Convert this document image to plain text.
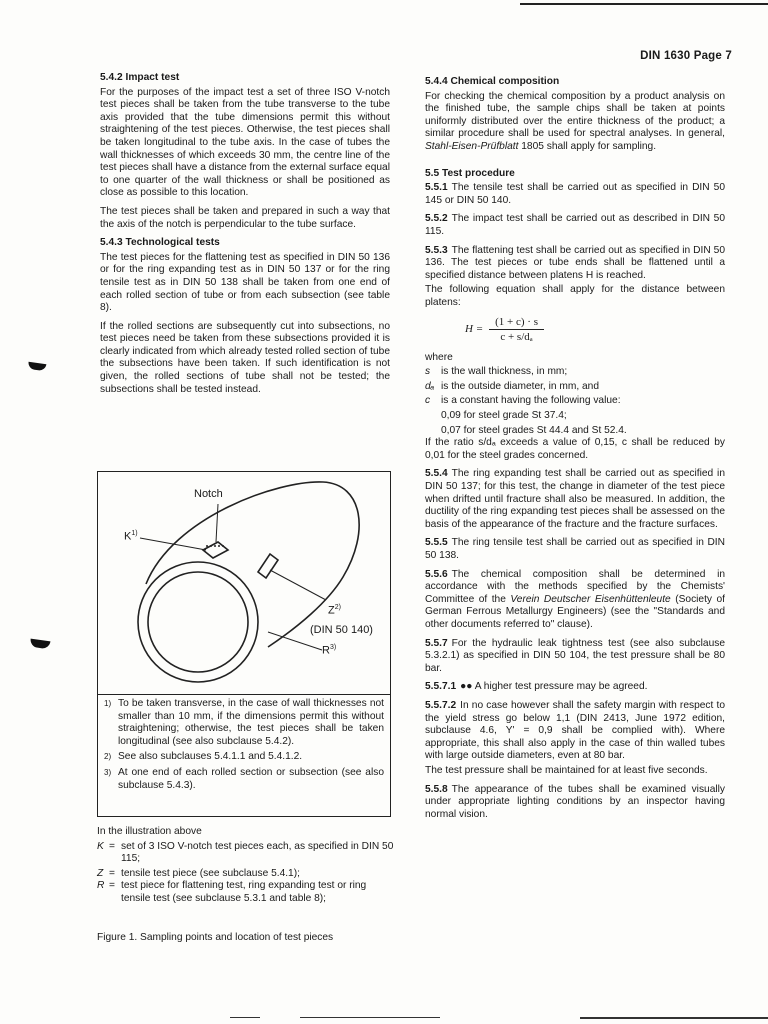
DIN 1630 Page 7
5.4.2 Impact test

For the purposes of the impact test a set of three ISO V-notch test pieces shall be taken from the tube transverse to the tube axis provided that the tube dimensions permit this without straightening of the test pieces. Otherwise, the test pieces shall be taken longitudinal to the tube axis. In the case of tubes the wall thicknesses of which exceeds 30 mm, the centre line of the test pieces shall have a distance from the external surface equal to one quarter of the wall thickness or shall be positioned as close as possible to this location.

The test pieces shall be taken and prepared in such a way that the axis of the notch is perpendicular to the tube surface.

5.4.3 Technological tests

The test pieces for the flattening test as specified in DIN 50 136 or for the ring expanding test as in DIN 50 137 or for the ring tensile test as in DIN 50 138 shall be taken from one end of each rolled section of tube or from each subsection (see table 8).

If the rolled sections are subsequently cut into subsections, no test pieces need be taken from these subsections provided it is clearly indicated from which already tested rolled section of tube the subsections have been taken. If such identification is not given, the rolled sections of tube shall not be tested; the subsections shall be tested instead.

Notch
$K^{1)}$
$Z^{2)}$
(DIN 50 140)
$R^{3)}$
1) To be taken transverse, in the case of wall thicknesses not smaller than 10 mm, if the dimensions permit this without straightening; otherwise, the test pieces shall be taken longitudinal (see also subclause 5.4.2).
2) See also subclauses 5.4.1.1 and 5.4.1.2.
3) At one end of each rolled section or subsection (see also subclause 5.4.3).
In the illustration above
K = set of 3 ISO V-notch test pieces each, as specified in DIN 50 115;
Z = tensile test piece (see subclause 5.4.1);
R = test piece for flattening test, ring expanding test or ring tensile test (see subclause 5.3.1 and table 8);
Figure 1. Sampling points and location of test pieces
5.4.4 Chemical composition

For checking the chemical composition by a product analysis on the finished tube, the sample chips shall be taken at points uniformly distributed over the entire thickness of the product; a similar procedure shall be used for spectral analyses. In general, Stahl-Eisen-Prüfblatt 1805 shall apply for sampling.

5.5 Test procedure

5.5.1 The tensile test shall be carried out as specified in DIN 50 145 or DIN 50 140.

5.5.2 The impact test shall be carried out as described in DIN 50 115.

5.5.3 The flattening test shall be carried out as specified in DIN 50 136. The test pieces or tube ends shall be flattened until a specified distance between platens H is reached.

The following equation shall apply for the distance between platens:

$H = \frac{(1 + c) \cdot s}{\text{c + s/dₐ}}$
where
s	is the wall thickness, in mm;
dₐ is the outside diameter, in mm, and
c	is a constant having the following value:
0,09 for steel grade St 37.4;
0,07 for steel grades St 44.4 and St 52.4.

If the ratio s/dₐ exceeds a value of 0,15, c shall be reduced by 0,01 for the steel grades concerned.

5.5.4 The ring expanding test shall be carried out as specified in DIN 50 137; for this test, the change in diameter of the test piece when drifted until fracture shall also be measured. In addition, the ductility of the ring expanding test pieces shall be assessed on the basis of the appearance of the fracture and the fracture surfaces.

5.5.5 The ring tensile test shall be carried out as specified in DIN 50 138.

5.5.6 The chemical composition shall be determined in accordance with the methods specified by the Chemists' Committee of the Verein Deutscher Eisenhüttenleute (Society of German Ferrous Metallurgy Engineers) (see the "Standards and other documents referred to" clause).

5.5.7 For the hydraulic leak tightness test (see also subclause 5.3.2.1) as specified in DIN 50 104, the test pressure shall be 80 bar.

5.5.7.1 ●● A higher test pressure may be agreed.

5.5.7.2 In no case however shall the safety margin with respect to the yield stress go below 1,1 (DIN 2413, June 1972 edition, subclause 4.6, Y' = 0,9 shall be complied with). Where appropriate, this shall also apply in the case of thin walled tubes with large outside diameters, even at 80 bar.

The test pressure shall be maintained for at least five seconds.

5.5.8 The appearance of the tubes shall be examined visually under appropriate lighting conditions by an inspector having normal vision.
